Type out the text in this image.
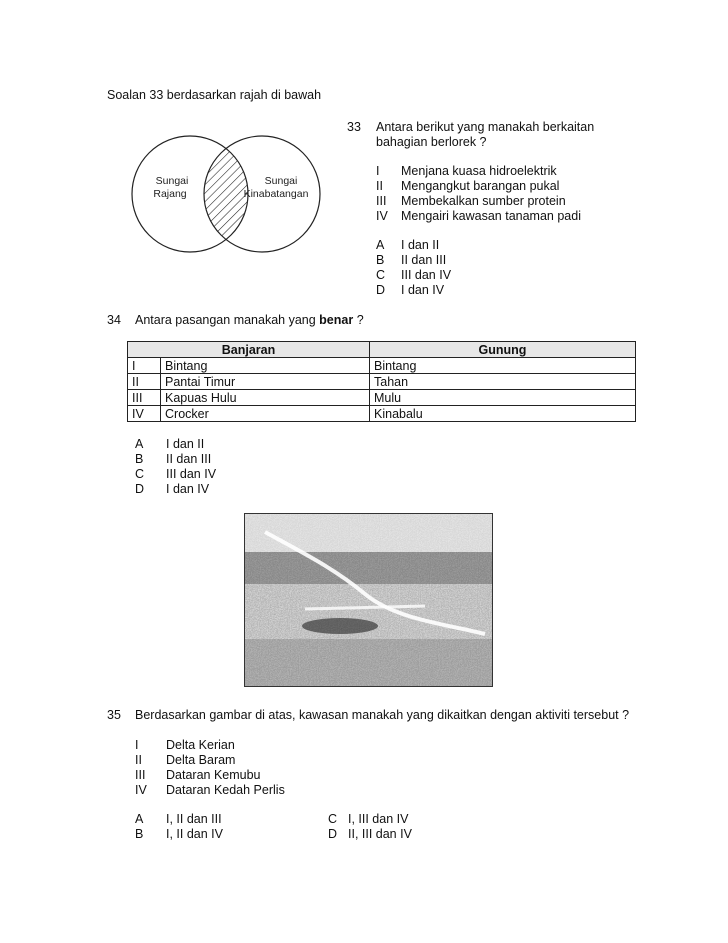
Soalan 33 berdasarkan rajah di bawah
Sungai
Rajang
Sungai
Kinabatangan
33 Antara berikut yang manakah berkaitan
bahagian berlorek ?
I Menjana kuasa hidroelektrik
II Mengangkut barangan pukal
III Membekalkan sumber protein
IV Mengairi kawasan tanaman padi
A I dan II
B II dan III
C III dan IV
D I dan IV
34 Antara pasangan manakah yang benar ?
Banjaran		Gunung
I	Bintang	Bintang
II	Pantai Timur	Tahan
III	Kapuas Hulu	Mulu
IV	Crocker	Kinabalu
A I dan II
B II dan III
C III dan IV
D I dan IV
35 Berdasarkan gambar di atas, kawasan manakah yang dikaitkan dengan aktiviti tersebut ?
I Delta Kerian
II Delta Baram
III Dataran Kemubu
IV Dataran Kedah Perlis
A I, II dan III
B I, II dan IV
C I, III dan IV
D II, III dan IV
